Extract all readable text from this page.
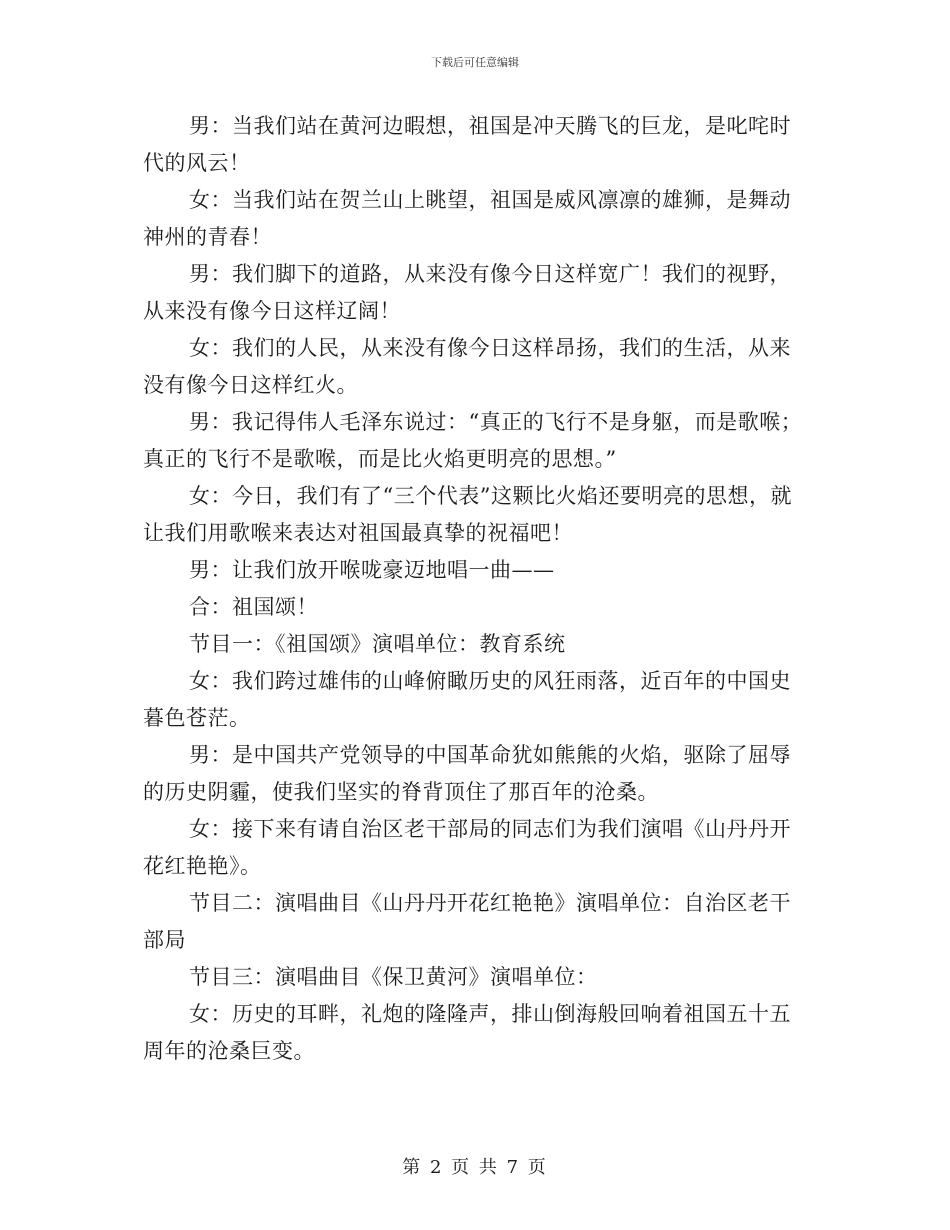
下载后可任意编辑

男：当我们站在黄河边暇想，祖国是冲天腾飞的巨龙，是叱咤时代的风云！

女：当我们站在贺兰山上眺望，祖国是威风凛凛的雄狮，是舞动神州的青春！

男：我们脚下的道路，从来没有像今日这样宽广！我们的视野，从来没有像今日这样辽阔！

女：我们的人民，从来没有像今日这样昂扬，我们的生活，从来没有像今日这样红火。

男：我记得伟人毛泽东说过：“真正的飞行不是身躯，而是歌喉；真正的飞行不是歌喉，而是比火焰更明亮的思想。”

女：今日，我们有了“三个代表”这颗比火焰还要明亮的思想，就让我们用歌喉来表达对祖国最真挚的祝福吧！

男：让我们放开喉咙豪迈地唱一曲——

合：祖国颂！

节目一：《祖国颂》演唱单位：教育系统

女：我们跨过雄伟的山峰俯瞰历史的风狂雨落，近百年的中国史暮色苍茫。

男：是中国共产党领导的中国革命犹如熊熊的火焰，驱除了屈辱的历史阴霾，使我们坚实的脊背顶住了那百年的沧桑。

女：接下来有请自治区老干部局的同志们为我们演唱《山丹丹开花红艳艳》。

节目二：演唱曲目《山丹丹开花红艳艳》演唱单位：自治区老干部局

节目三：演唱曲目《保卫黄河》演唱单位：

女：历史的耳畔，礼炮的隆隆声，排山倒海般回响着祖国五十五周年的沧桑巨变。

第 2 页 共 7 页
